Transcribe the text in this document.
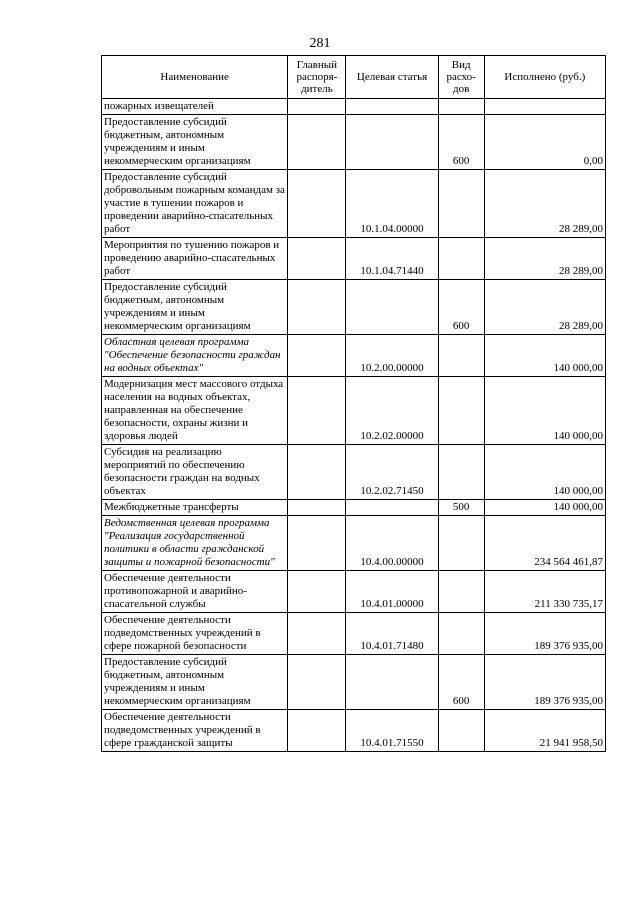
281
Наименование	Главный распоря-дитель	Целевая статья	Вид расхо-дов	Исполнено (руб.)
пожарных извещателей				
Предоставление субсидий бюджетным, автономным учреждениям и иным некоммерческим организациям			600	0,00
Предоставление субсидий добровольным пожарным командам за участие в тушении пожаров и проведении аварийно-спасательных работ		10.1.04.00000		28 289,00
Мероприятия по тушению пожаров и проведению аварийно-спасательных работ		10.1.04.71440		28 289,00
Предоставление субсидий бюджетным, автономным учреждениям и иным некоммерческим организациям			600	28 289,00
Областная целевая программа "Обеспечение безопасности граждан на водных объектах"		10.2.00.00000		140 000,00
Модернизация мест массового отдыха населения на водных объектах, направленная на обеспечение безопасности, охраны жизни и здоровья людей		10.2.02.00000		140 000,00
Субсидия на реализацию мероприятий по обеспечению безопасности граждан на водных объектах		10.2.02.71450		140 000,00
Межбюджетные трансферты			500	140 000,00
Ведомственная целевая программа "Реализация государственной политики в области гражданской защиты и пожарной безопасности"		10.4.00.00000		234 564 461,87
Обеспечение деятельности противопожарной и аварийно-спасательной службы		10.4.01.00000		211 330 735,17
Обеспечение деятельности подведомственных учреждений в сфере пожарной безопасности		10.4.01.71480		189 376 935,00
Предоставление субсидий бюджетным, автономным учреждениям и иным некоммерческим организациям			600	189 376 935,00
Обеспечение деятельности подведомственных учреждений в сфере гражданской защиты		10.4.01.71550		21 941 958,50
